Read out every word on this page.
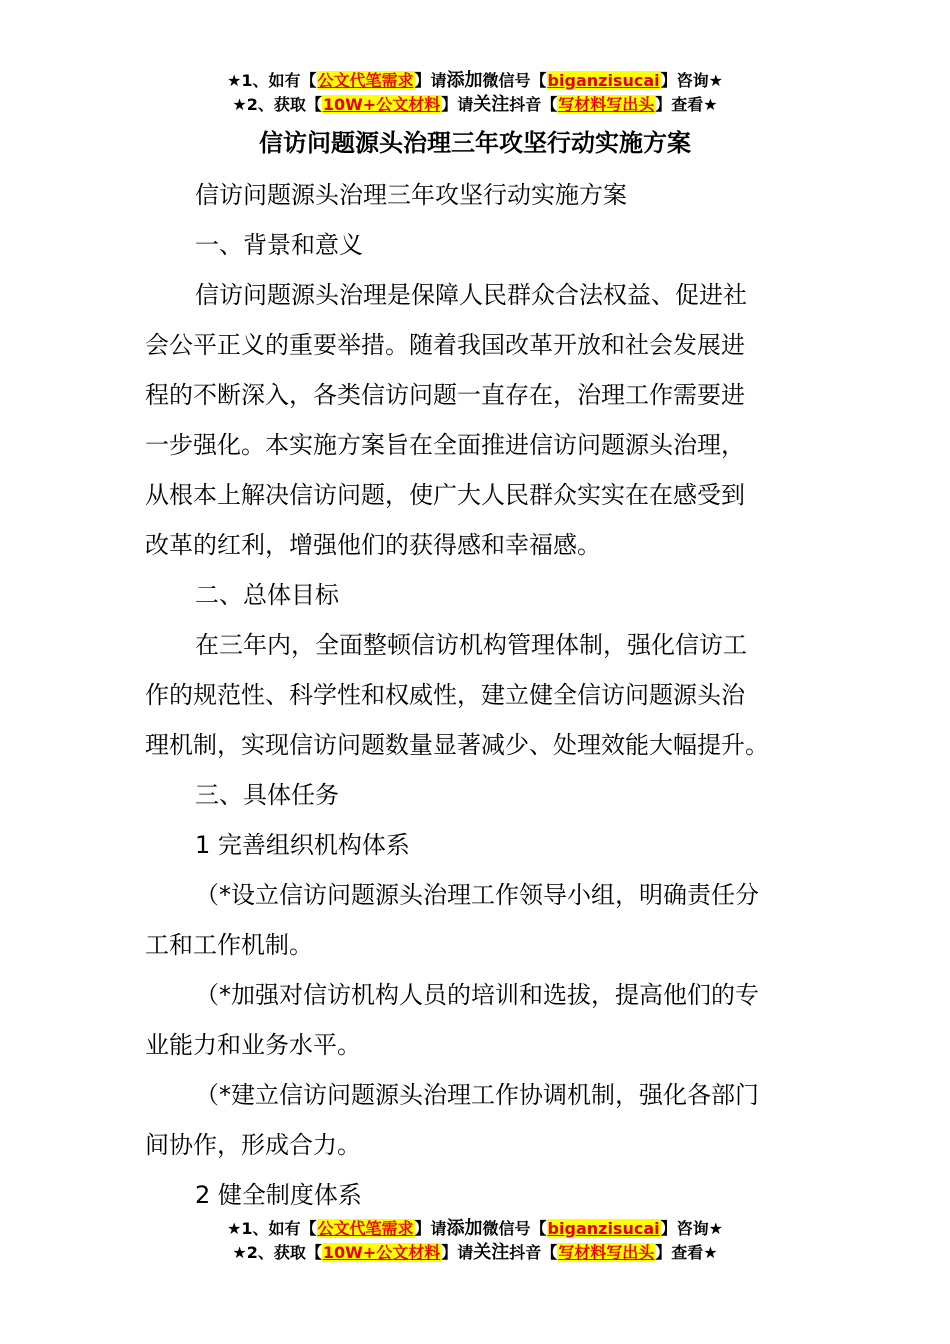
★1、如有【公文代笔需求】请添加微信号【biganzisucai】咨询★
★2、获取【10W+公文材料】请关注抖音【写材料写出头】查看★
信访问题源头治理三年攻坚行动实施方案

信访问题源头治理三年攻坚行动实施方案

一、背景和意义

信访问题源头治理是保障人民群众合法权益、促进社

会公平正义的重要举措。随着我国改革开放和社会发展进

程的不断深入，各类信访问题一直存在，治理工作需要进

一步强化。本实施方案旨在全面推进信访问题源头治理，

从根本上解决信访问题，使广大人民群众实实在在感受到

改革的红利，增强他们的获得感和幸福感。

二、总体目标

在三年内，全面整顿信访机构管理体制，强化信访工

作的规范性、科学性和权威性，建立健全信访问题源头治

理机制，实现信访问题数量显著减少、处理效能大幅提升。

三、具体任务

1 完善组织机构体系

（*设立信访问题源头治理工作领导小组，明确责任分

工和工作机制。

（*加强对信访机构人员的培训和选拔，提高他们的专

业能力和业务水平。

（*建立信访问题源头治理工作协调机制，强化各部门

间协作，形成合力。

2 健全制度体系

★1、如有【公文代笔需求】请添加微信号【biganzisucai】咨询★
★2、获取【10W+公文材料】请关注抖音【写材料写出头】查看★
